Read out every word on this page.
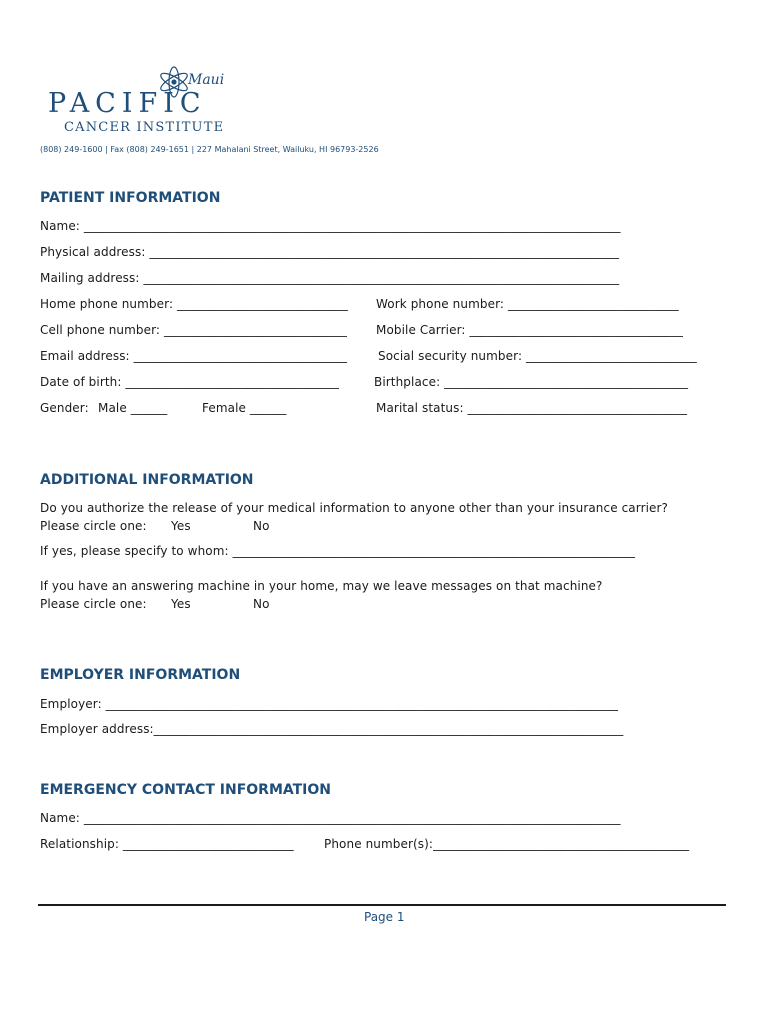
Maui
PACIFIC
CANCER INSTITUTE
(808) 249-1600 | Fax (808) 249-1651 | 227 Mahalani Street, Wailuku, HI 96793-2526
PATIENT INFORMATION
Name: ________________________________________________________________________________________
Physical address: _____________________________________________________________________________
Mailing address: ______________________________________________________________________________
Home phone number: ____________________________ Work phone number: ____________________________
Cell phone number: ______________________________ Mobile Carrier: ___________________________________
Email address: ___________________________________	Social security number: ____________________________
Date of birth: ___________________________________	Birthplace: ________________________________________
Gender: Male ______	Female ______	Marital status: ____________________________________
ADDITIONAL INFORMATION
Do you authorize the release of your medical information to anyone other than your insurance carrier?
Please circle one: Yes	No
If yes, please specify to whom: __________________________________________________________________
If you have an answering machine in your home, may we leave messages on that machine?
Please circle one: Yes	No
EMPLOYER INFORMATION
Employer: ____________________________________________________________________________________
Employer address:_____________________________________________________________________________
EMERGENCY CONTACT INFORMATION
Name: ________________________________________________________________________________________
Relationship: ____________________________	Phone number(s):__________________________________________
Page 1
